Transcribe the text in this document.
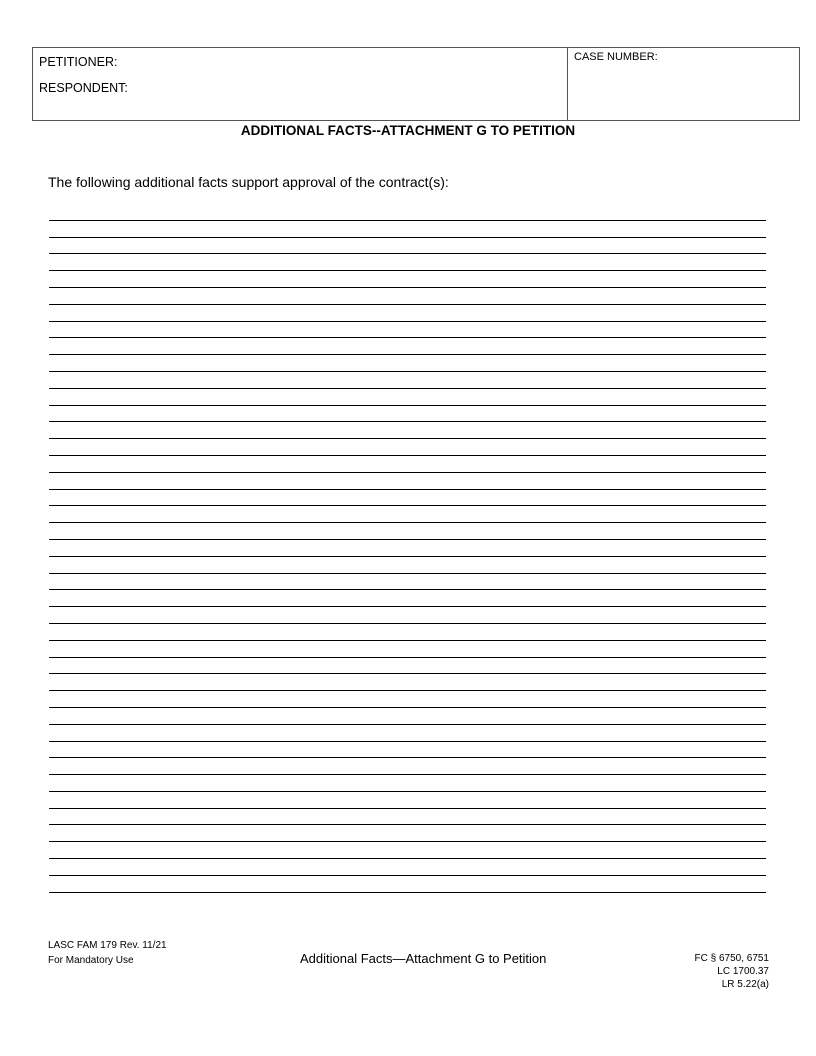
PETITIONER:
RESPONDENT:
CASE NUMBER:
ADDITIONAL FACTS--ATTACHMENT G TO PETITION
The following additional facts support approval of the contract(s):
LASC FAM 179 Rev. 11/21
For Mandatory Use	Additional Facts—Attachment G to Petition	FC § 6750, 6751
LC 1700.37
LR 5.22(a)
